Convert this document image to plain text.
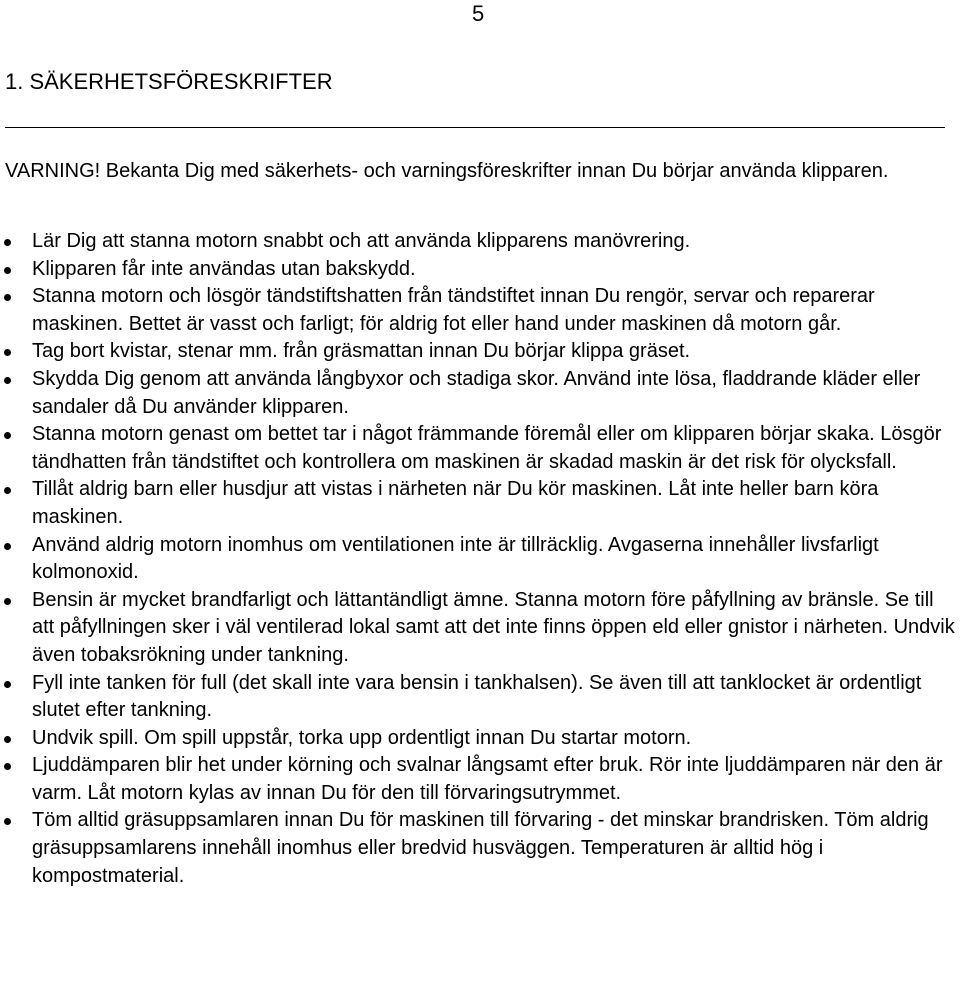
5
1. SÄKERHETSFÖRESKRIFTER

VARNING! Bekanta Dig med säkerhets- och varningsföreskrifter innan Du börjar använda klipparen.

Lär Dig att stanna motorn snabbt och att använda klipparens manövrering.
Klipparen får inte användas utan bakskydd.
Stanna motorn och lösgör tändstiftshatten från tändstiftet innan Du rengör, servar och reparerar maskinen. Bettet är vasst och farligt; för aldrig fot eller hand under maskinen då motorn går.
Tag bort kvistar, stenar mm. från gräsmattan innan Du börjar klippa gräset.
Skydda Dig genom att använda långbyxor och stadiga skor. Använd inte lösa, fladdrande kläder eller sandaler då Du använder klipparen.
Stanna motorn genast om bettet tar i något främmande föremål eller om klipparen börjar skaka. Lösgör tändhatten från tändstiftet och kontrollera om maskinen är skadad maskin är det risk för olycksfall.
Tillåt aldrig barn eller husdjur att vistas i närheten när Du kör maskinen. Låt inte heller barn köra maskinen.
Använd aldrig motorn inomhus om ventilationen inte är tillräcklig. Avgaserna innehåller livsfarligt kolmonoxid.
Bensin är mycket brandfarligt och lättantändligt ämne. Stanna motorn före påfyllning av bränsle. Se till att påfyllningen sker i väl ventilerad lokal samt att det inte finns öppen eld eller gnistor i närheten. Undvik även tobaksrökning under tankning.
Fyll inte tanken för full (det skall inte vara bensin i tankhalsen). Se även till att tanklocket är ordentligt slutet efter tankning.
Undvik spill. Om spill uppstår, torka upp ordentligt innan Du startar motorn.
Ljuddämparen blir het under körning och svalnar långsamt efter bruk. Rör inte ljuddämparen när den är varm. Låt motorn kylas av innan Du för den till förvaringsutrymmet.
Töm alltid gräsuppsamlaren innan Du för maskinen till förvaring - det minskar brandrisken. Töm aldrig gräsuppsamlarens innehåll inomhus eller bredvid husväggen. Temperaturen är alltid hög i kompostmaterial.
